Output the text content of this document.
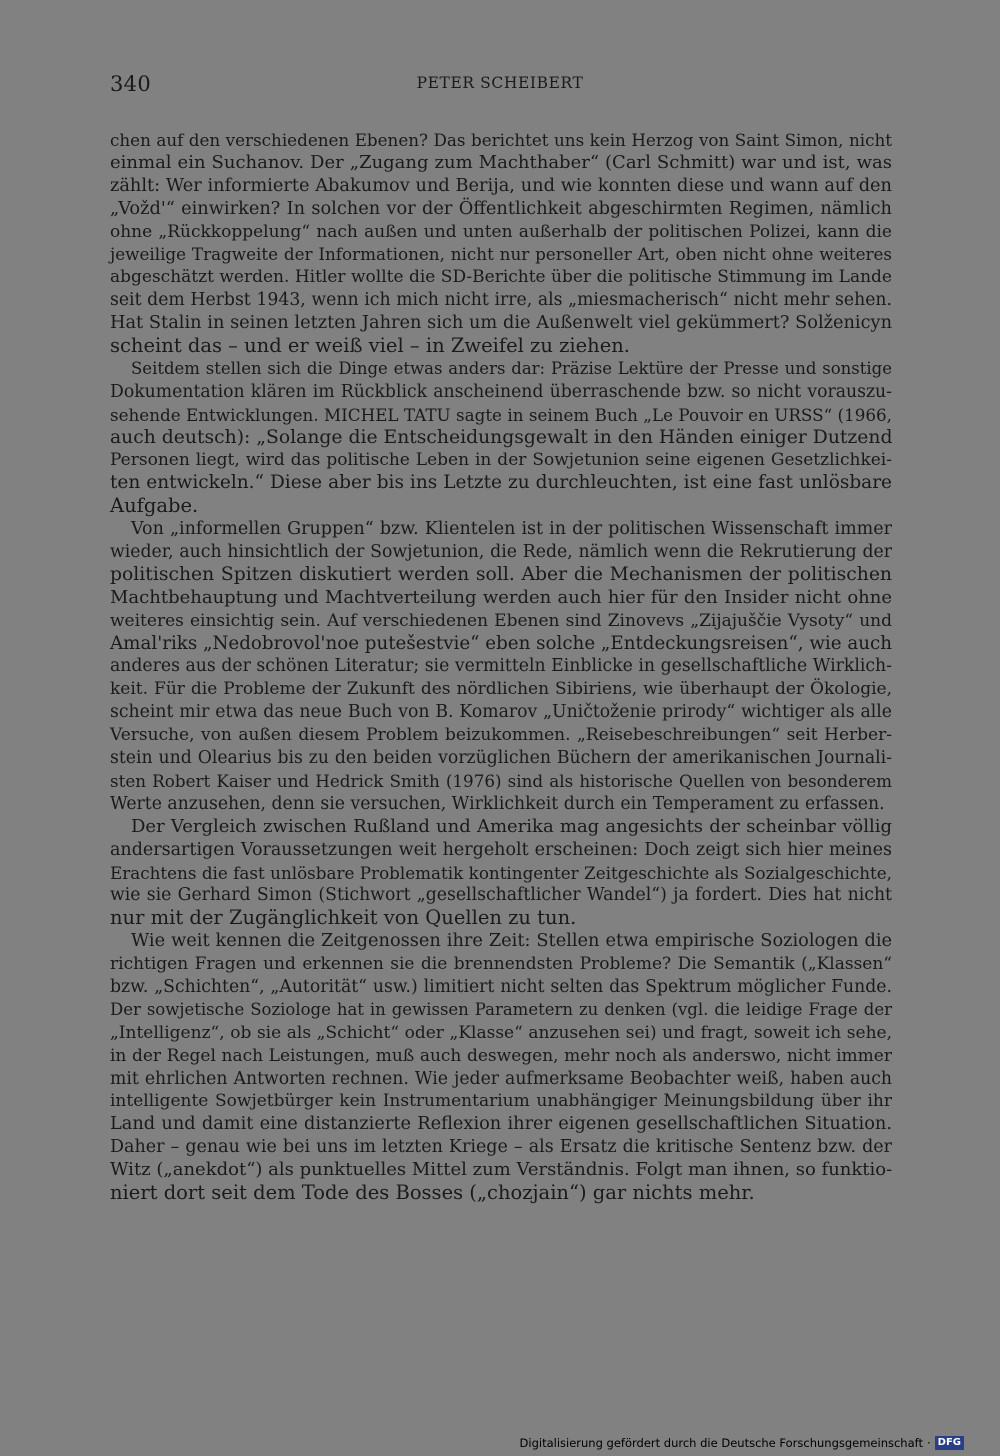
340	PETER SCHEIBERT
chen auf den verschiedenen Ebenen? Das berichtet uns kein Herzog von Saint Simon, nicht
einmal ein Suchanov. Der „Zugang zum Machthaber“ (Carl Schmitt) war und ist, was
zählt: Wer informierte Abakumov und Berija, und wie konnten diese und wann auf den
„Vožd'“ einwirken? In solchen vor der Öffentlichkeit abgeschirmten Regimen, nämlich
ohne „Rückkoppelung“ nach außen und unten außerhalb der politischen Polizei, kann die
jeweilige Tragweite der Informationen, nicht nur personeller Art, oben nicht ohne weiteres
abgeschätzt werden. Hitler wollte die SD-Berichte über die politische Stimmung im Lande
seit dem Herbst 1943, wenn ich mich nicht irre, als „miesmacherisch“ nicht mehr sehen.
Hat Stalin in seinen letzten Jahren sich um die Außenwelt viel gekümmert? Solženicyn
scheint das – und er weiß viel – in Zweifel zu ziehen.
Seitdem stellen sich die Dinge etwas anders dar: Präzise Lektüre der Presse und sonstige
Dokumentation klären im Rückblick anscheinend überraschende bzw. so nicht vorauszu-
sehende Entwicklungen. MICHEL TATU sagte in seinem Buch „Le Pouvoir en URSS“ (1966,
auch deutsch): „Solange die Entscheidungsgewalt in den Händen einiger Dutzend
Personen liegt, wird das politische Leben in der Sowjetunion seine eigenen Gesetzlichkei-
ten entwickeln.“ Diese aber bis ins Letzte zu durchleuchten, ist eine fast unlösbare
Aufgabe.
Von „informellen Gruppen“ bzw. Klientelen ist in der politischen Wissenschaft immer
wieder, auch hinsichtlich der Sowjetunion, die Rede, nämlich wenn die Rekrutierung der
politischen Spitzen diskutiert werden soll. Aber die Mechanismen der politischen
Machtbehauptung und Machtverteilung werden auch hier für den Insider nicht ohne
weiteres einsichtig sein. Auf verschiedenen Ebenen sind Zinovevs „Zijajuščie Vysoty“ und
Amal'riks „Nedobrovol'noe putešestvie“ eben solche „Entdeckungsreisen“, wie auch
anderes aus der schönen Literatur; sie vermitteln Einblicke in gesellschaftliche Wirklich-
keit. Für die Probleme der Zukunft des nördlichen Sibiriens, wie überhaupt der Ökologie,
scheint mir etwa das neue Buch von B. Komarov „Uničtoženie prirody“ wichtiger als alle
Versuche, von außen diesem Problem beizukommen. „Reisebeschreibungen“ seit Herber-
stein und Olearius bis zu den beiden vorzüglichen Büchern der amerikanischen Journali-
sten Robert Kaiser und Hedrick Smith (1976) sind als historische Quellen von besonderem
Werte anzusehen, denn sie versuchen, Wirklichkeit durch ein Temperament zu erfassen.
Der Vergleich zwischen Rußland und Amerika mag angesichts der scheinbar völlig
andersartigen Voraussetzungen weit hergeholt erscheinen: Doch zeigt sich hier meines
Erachtens die fast unlösbare Problematik kontingenter Zeitgeschichte als Sozialgeschichte,
wie sie Gerhard Simon (Stichwort „gesellschaftlicher Wandel“) ja fordert. Dies hat nicht
nur mit der Zugänglichkeit von Quellen zu tun.
Wie weit kennen die Zeitgenossen ihre Zeit: Stellen etwa empirische Soziologen die
richtigen Fragen und erkennen sie die brennendsten Probleme? Die Semantik („Klassen“
bzw. „Schichten“, „Autorität“ usw.) limitiert nicht selten das Spektrum möglicher Funde.
Der sowjetische Soziologe hat in gewissen Parametern zu denken (vgl. die leidige Frage der
„Intelligenz“, ob sie als „Schicht“ oder „Klasse“ anzusehen sei) und fragt, soweit ich sehe,
in der Regel nach Leistungen, muß auch deswegen, mehr noch als anderswo, nicht immer
mit ehrlichen Antworten rechnen. Wie jeder aufmerksame Beobachter weiß, haben auch
intelligente Sowjetbürger kein Instrumentarium unabhängiger Meinungsbildung über ihr
Land und damit eine distanzierte Reflexion ihrer eigenen gesellschaftlichen Situation.
Daher – genau wie bei uns im letzten Kriege – als Ersatz die kritische Sentenz bzw. der
Witz („anekdot“) als punktuelles Mittel zum Verständnis. Folgt man ihnen, so funktio-
niert dort seit dem Tode des Bosses („chozjain“) gar nichts mehr.
Digitalisierung gefördert durch die Deutsche Forschungsgemeinschaft · DFG
